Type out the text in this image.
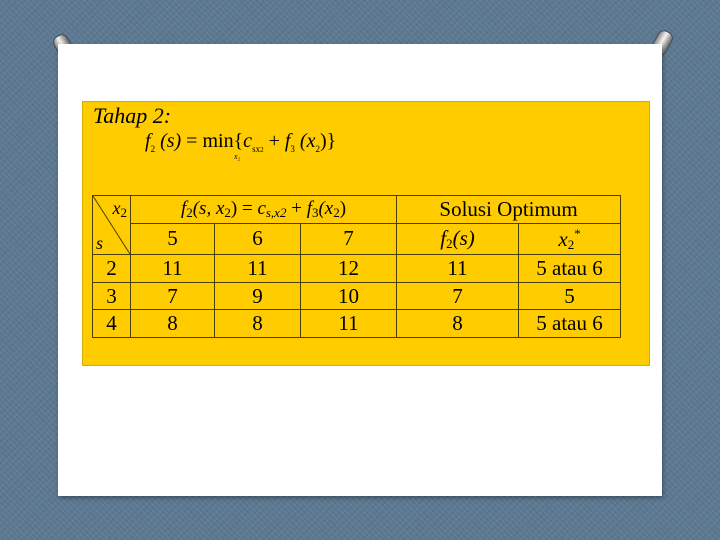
Tahap 2:
$f_2$ $(s) = \min\{c_{sx2} + f_3$ $(x_2)$}
x₂
x2
s	f2(s, x2) = cs,x2 + f3(x2)			Solusi Optimum	
	5	6	7	f2(s)	x2*
2	11	11	12	11	5 atau 6
3	7	9	10	7	5
4	8	8	11	8	5 atau 6
